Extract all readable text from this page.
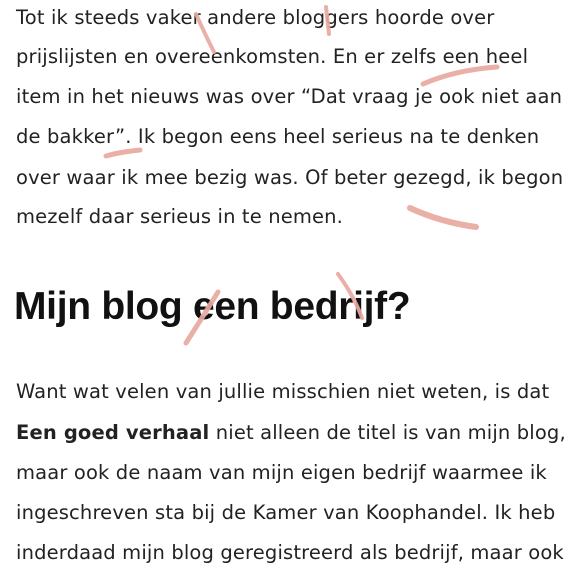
Tot ik steeds vaker andere bloggers hoorde over

prijslijsten en overeenkomsten. En er zelfs een heel

item in het nieuws was over “Dat vraag je ook niet aan

de bakker”. Ik begon eens heel serieus na te denken

over waar ik mee bezig was. Of beter gezegd, ik begon

mezelf daar serieus in te nemen.

Mijn blog een bedrijf?

Want wat velen van jullie misschien niet weten, is dat

Een goed verhaal niet alleen de titel is van mijn blog,

maar ook de naam van mijn eigen bedrijf waarmee ik

ingeschreven sta bij de Kamer van Koophandel. Ik heb

inderdaad mijn blog geregistreerd als bedrijf, maar ook
